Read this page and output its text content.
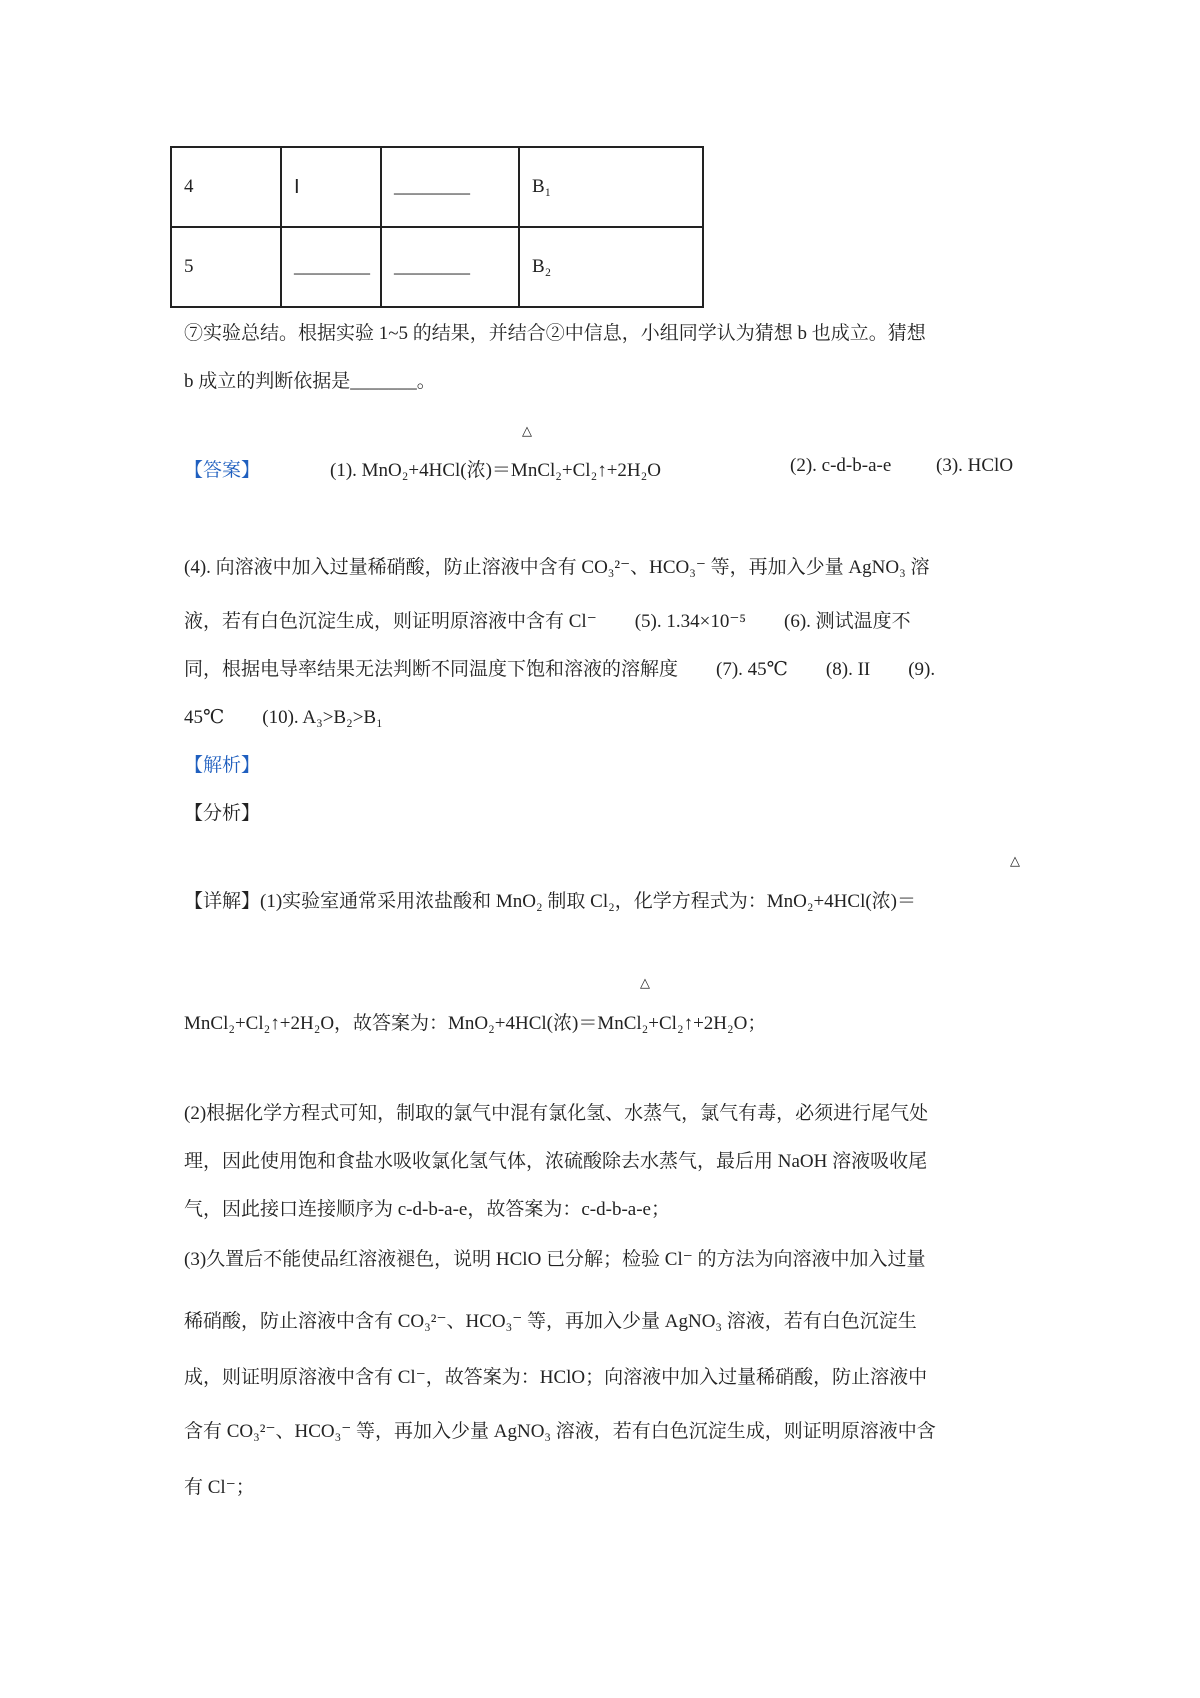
4	Ⅰ	________	B₁
5	________	________	B₂
⑦实验总结。根据实验 1~5 的结果，并结合②中信息，小组同学认为猜想 b 也成立。猜想
b 成立的判断依据是_______。
△
【答案】	(1). MnO₂+4HCl(浓)＝MnCl₂+Cl₂↑+2H₂O	(2). c-d-b-a-e (3). HClO
(4). 向溶液中加入过量稀硝酸，防止溶液中含有 CO₃²⁻、HCO₃⁻ 等，再加入少量 AgNO₃ 溶
液，若有白色沉淀生成，则证明原溶液中含有 Cl⁻　　(5). 1.34×10⁻⁵　　(6). 测试温度不
同，根据电导率结果无法判断不同温度下饱和溶液的溶解度　　(7). 45℃　　(8). II　　(9).
45℃　　(10). A₃>B₂>B₁
【解析】
【分析】
△
【详解】(1)实验室通常采用浓盐酸和 MnO₂ 制取 Cl₂，化学方程式为：MnO₂+4HCl(浓)＝
△
MnCl₂+Cl₂↑+2H₂O，故答案为：MnO₂+4HCl(浓)＝MnCl₂+Cl₂↑+2H₂O；
(2)根据化学方程式可知，制取的氯气中混有氯化氢、水蒸气，氯气有毒，必须进行尾气处
理，因此使用饱和食盐水吸收氯化氢气体，浓硫酸除去水蒸气，最后用 NaOH 溶液吸收尾
气，因此接口连接顺序为 c-d-b-a-e，故答案为：c-d-b-a-e；
(3)久置后不能使品红溶液褪色，说明 HClO 已分解；检验 Cl⁻ 的方法为向溶液中加入过量
稀硝酸，防止溶液中含有 CO₃²⁻、HCO₃⁻ 等，再加入少量 AgNO₃ 溶液，若有白色沉淀生
成，则证明原溶液中含有 Cl⁻，故答案为：HClO；向溶液中加入过量稀硝酸，防止溶液中
含有 CO₃²⁻、HCO₃⁻ 等，再加入少量 AgNO₃ 溶液，若有白色沉淀生成，则证明原溶液中含
有 Cl⁻；
